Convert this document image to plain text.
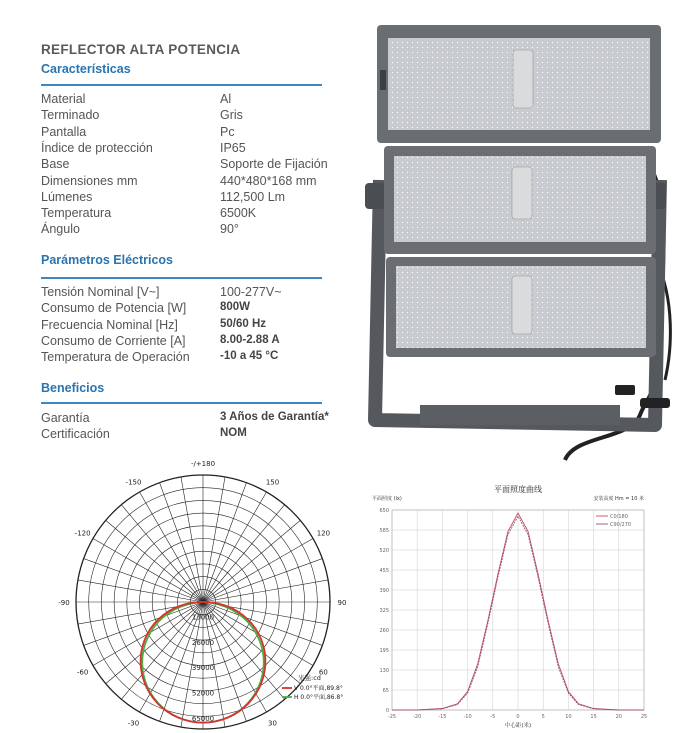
REFLECTOR ALTA POTENCIA
Características
Material	Al
Terminado	Gris
Pantalla	Pc
Índice de protección	IP65
Base	Soporte de Fijación
Dimensiones mm	440*480*168 mm
Lúmenes	112,500 Lm
Temperatura	6500K
Ángulo	90°
Parámetros Eléctricos
Tensión Nominal [V~]	100-277V~
Consumo de Potencia [W]	800W
Frecuencia Nominal [Hz]	50/60 Hz
Consumo de Corriente [A]	8.00-2.88 A
Temperatura de Operación	-10 a 45 °C
Beneficios
Garantía	3 Años de Garantía*
Certificación	NOM
-/+180
-150	150
-120	120
-90	90
-60	60
-30	30
13000
26000
39000
52000
65000
光强:cd
V 0.0°平面,89.8°
H 0.0°平面,86.8°
平面照度曲线
平面照度 (lx)	安装高度 Hm = 10 米
650
585
520
455
390
325
260
195
130
65
0
-25	-20	-15	-10	-5	0	5	10	15	20	25
中心距(米)
C0/180
C90/270
